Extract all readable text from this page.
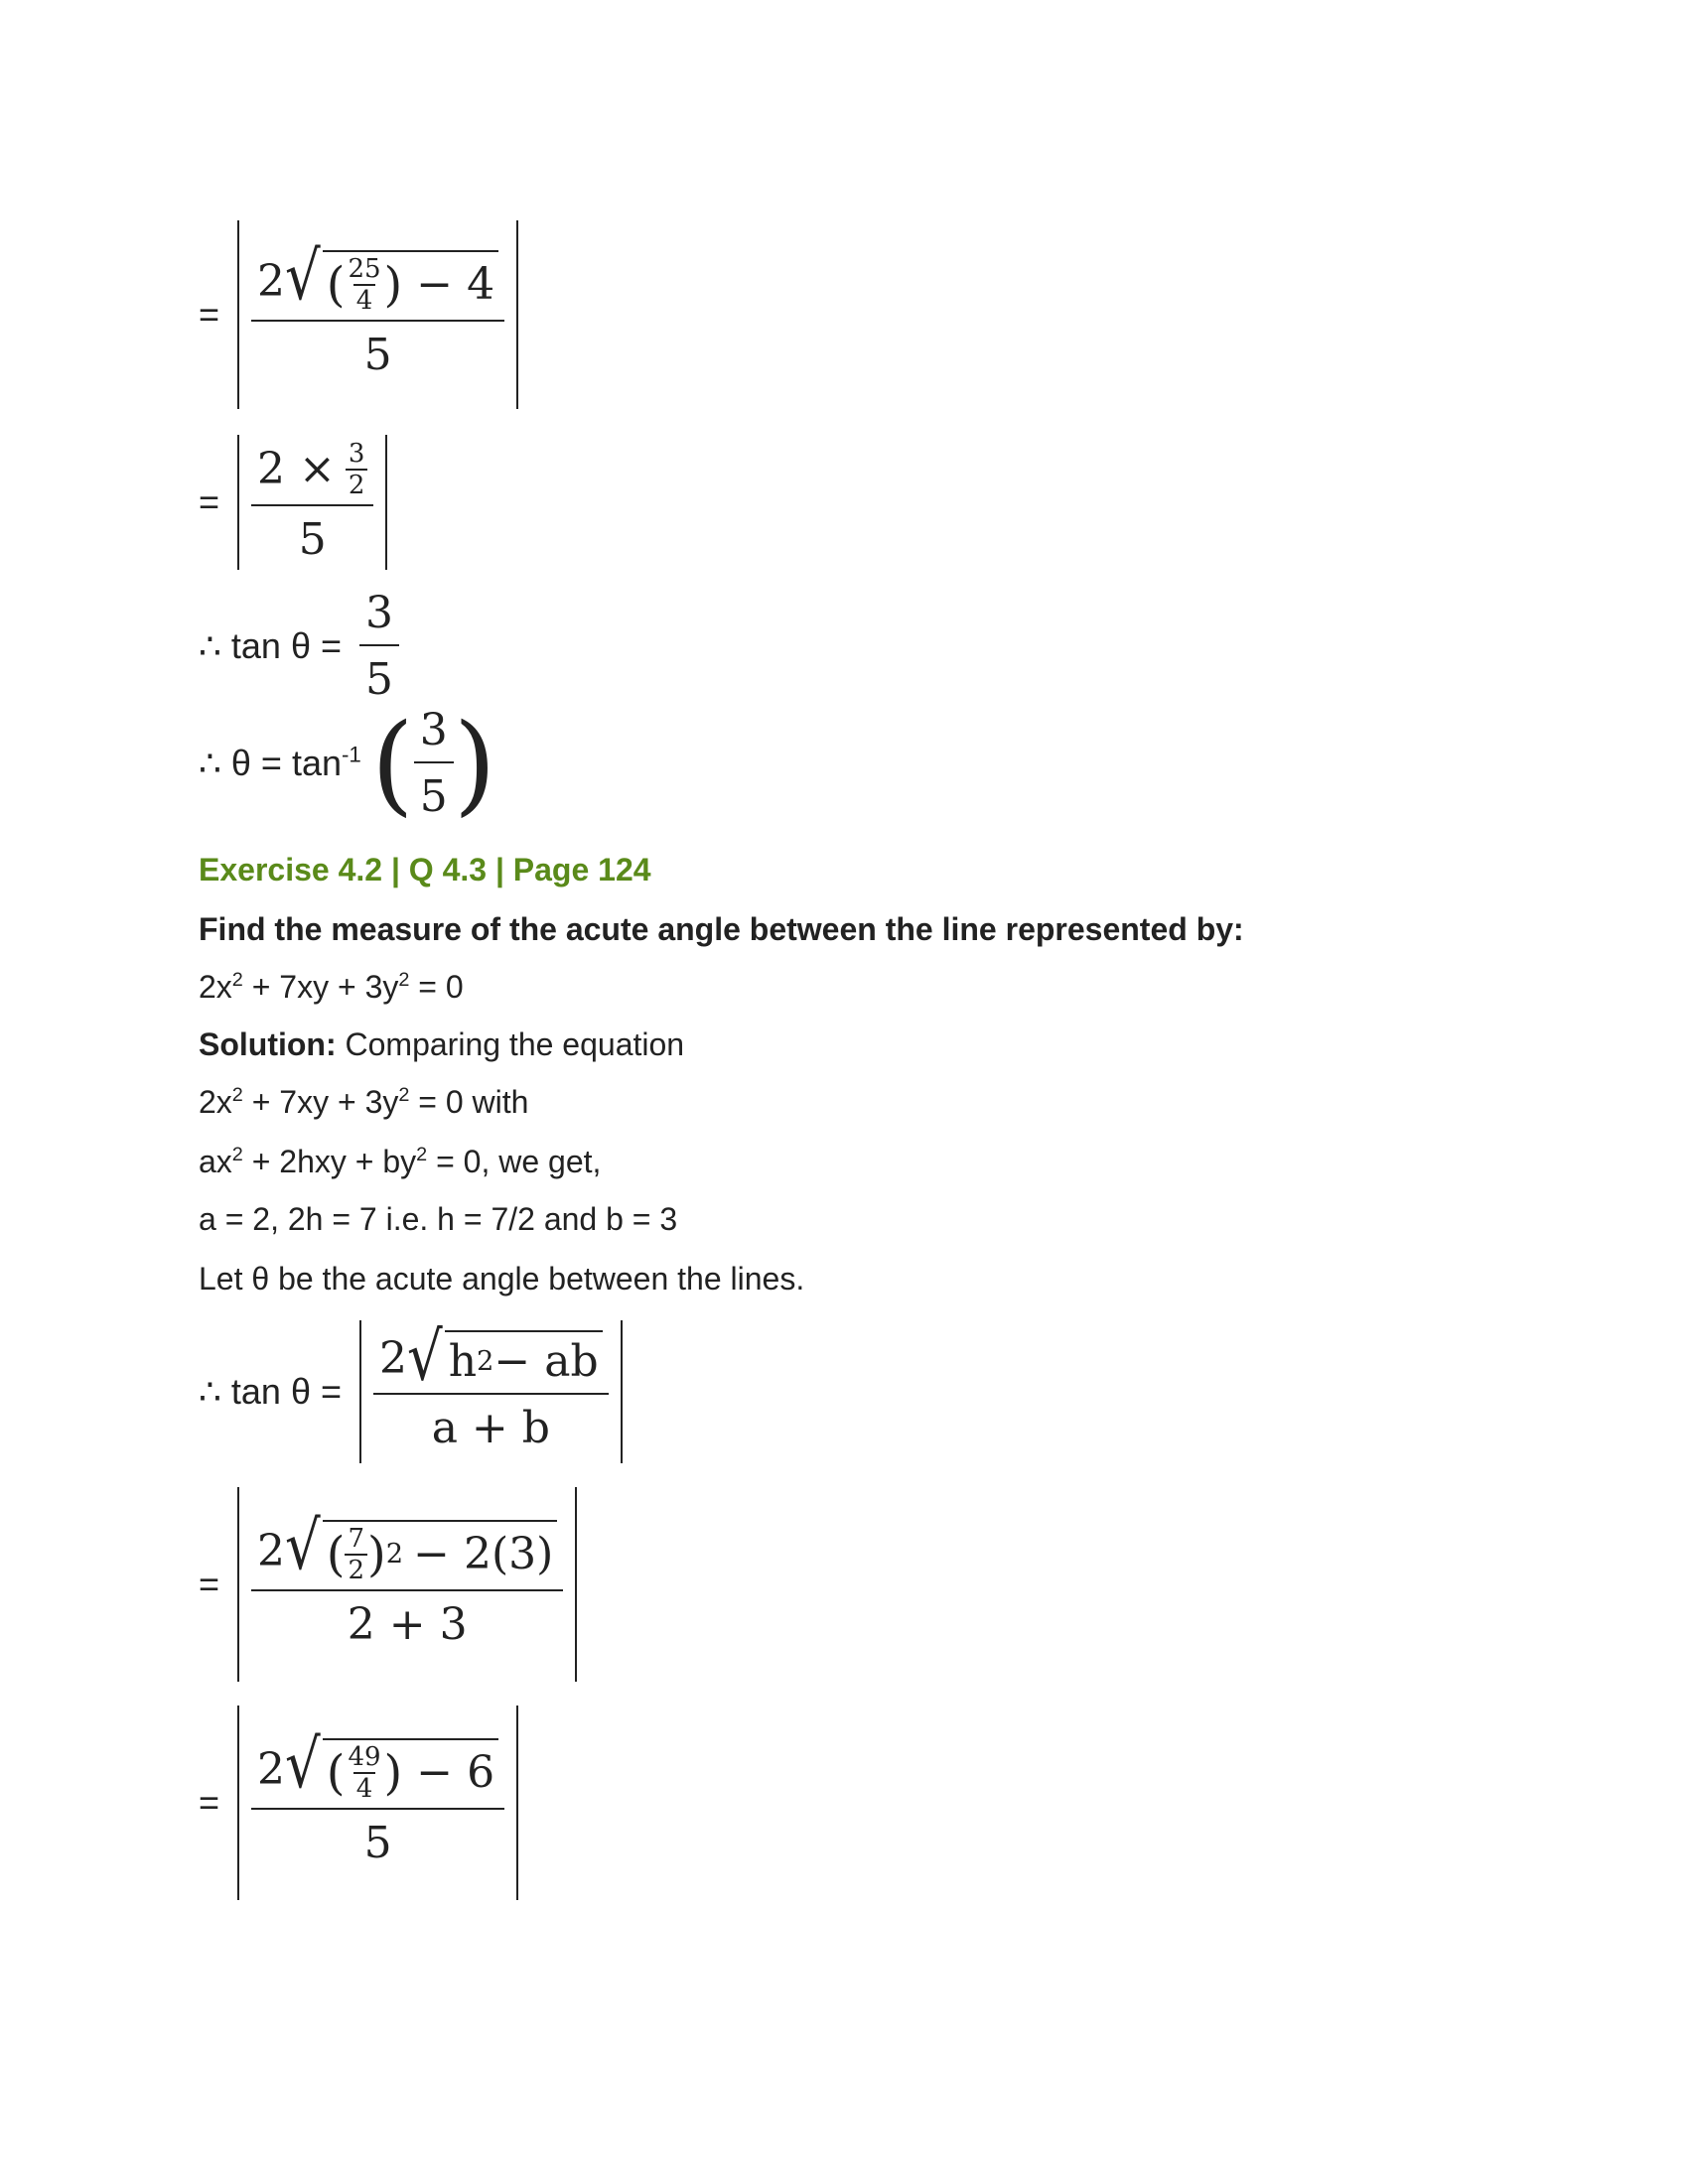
=
2 √ ( $\frac{25}{4}$ ) − 4
5
= $\frac{2 \times \frac{3}{2}}{5}$
∴ $\tan \theta = \frac{3}{5}$
∴ $\theta = \tan^{-1}$ ( $\frac{3}{5}$ )
Exercise 4.2 | Q 4.3 | Page 124
Find the measure of the acute angle between the line represented by:
$2x^2 + 7xy + 3y^2 = 0$
Solution: Comparing the equation
$2x^2 + 7xy + 3y^2 = 0$ with
$ax^2 + 2hxy + by^2 = 0$, we get,
a = 2, 2h = 7 i.e. h = 7/2 and b = 3
Let θ be the acute angle between the lines.
∴ $\tan \theta = \frac{2 √ h 2 - ab}{a + b}$
=
2 √ ( $\frac{7}{2}$ ) 2 − 2(3)
2 + 3
=
2 √ ( $\frac{49}{4}$ ) − 6
5
